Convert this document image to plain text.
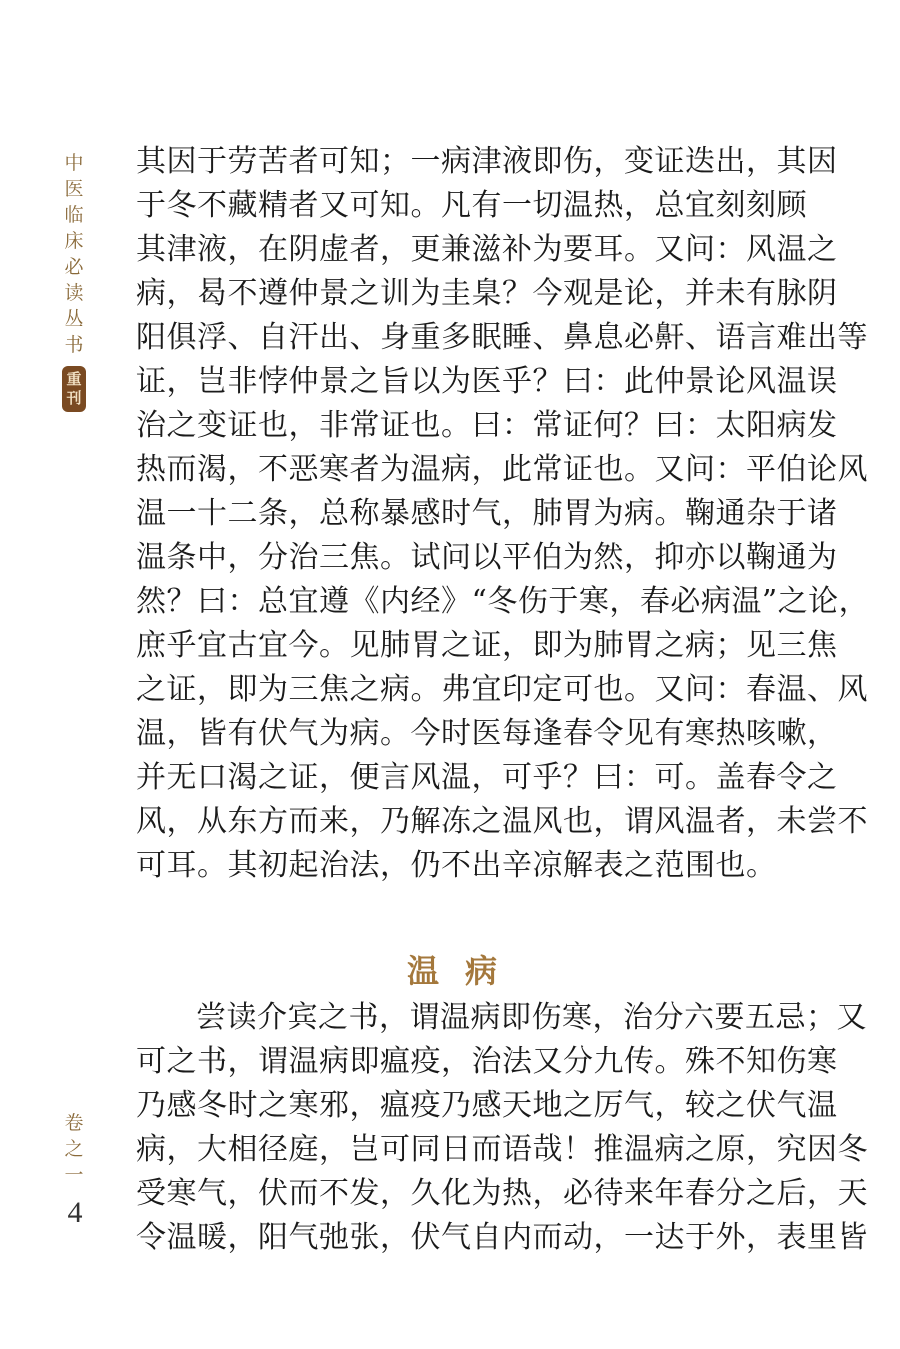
中
医
临
床
必
读
丛
书
重
刊
卷
之
一
4
其因于劳苦者可知；一病津液即伤，变证迭出，其因
于冬不藏精者又可知。凡有一切温热，总宜刻刻顾
其津液，在阴虚者，更兼滋补为要耳。又问：风温之
病，曷不遵仲景之训为圭臬？今观是论，并未有脉阴
阳俱浮、自汗出、身重多眠睡、鼻息必鼾、语言难出等
证，岂非悖仲景之旨以为医乎？曰：此仲景论风温误
治之变证也，非常证也。曰：常证何？曰：太阳病发
热而渴，不恶寒者为温病，此常证也。又问：平伯论风
温一十二条，总称暴感时气，肺胃为病。鞠通杂于诸
温条中，分治三焦。试问以平伯为然，抑亦以鞠通为
然？曰：总宜遵《内经》“冬伤于寒，春必病温”之论，
庶乎宜古宜今。见肺胃之证，即为肺胃之病；见三焦
之证，即为三焦之病。弗宜印定可也。又问：春温、风
温，皆有伏气为病。今时医每逢春令见有寒热咳嗽，
并无口渴之证，便言风温，可乎？曰：可。盖春令之
风，从东方而来，乃解冻之温风也，谓风温者，未尝不
可耳。其初起治法，仍不出辛凉解表之范围也。
温病
尝读介宾之书，谓温病即伤寒，治分六要五忌；又
可之书，谓温病即瘟疫，治法又分九传。殊不知伤寒
乃感冬时之寒邪，瘟疫乃感天地之厉气，较之伏气温
病，大相径庭，岂可同日而语哉！推温病之原，究因冬
受寒气，伏而不发，久化为热，必待来年春分之后，天
令温暖，阳气弛张，伏气自内而动，一达于外，表里皆
